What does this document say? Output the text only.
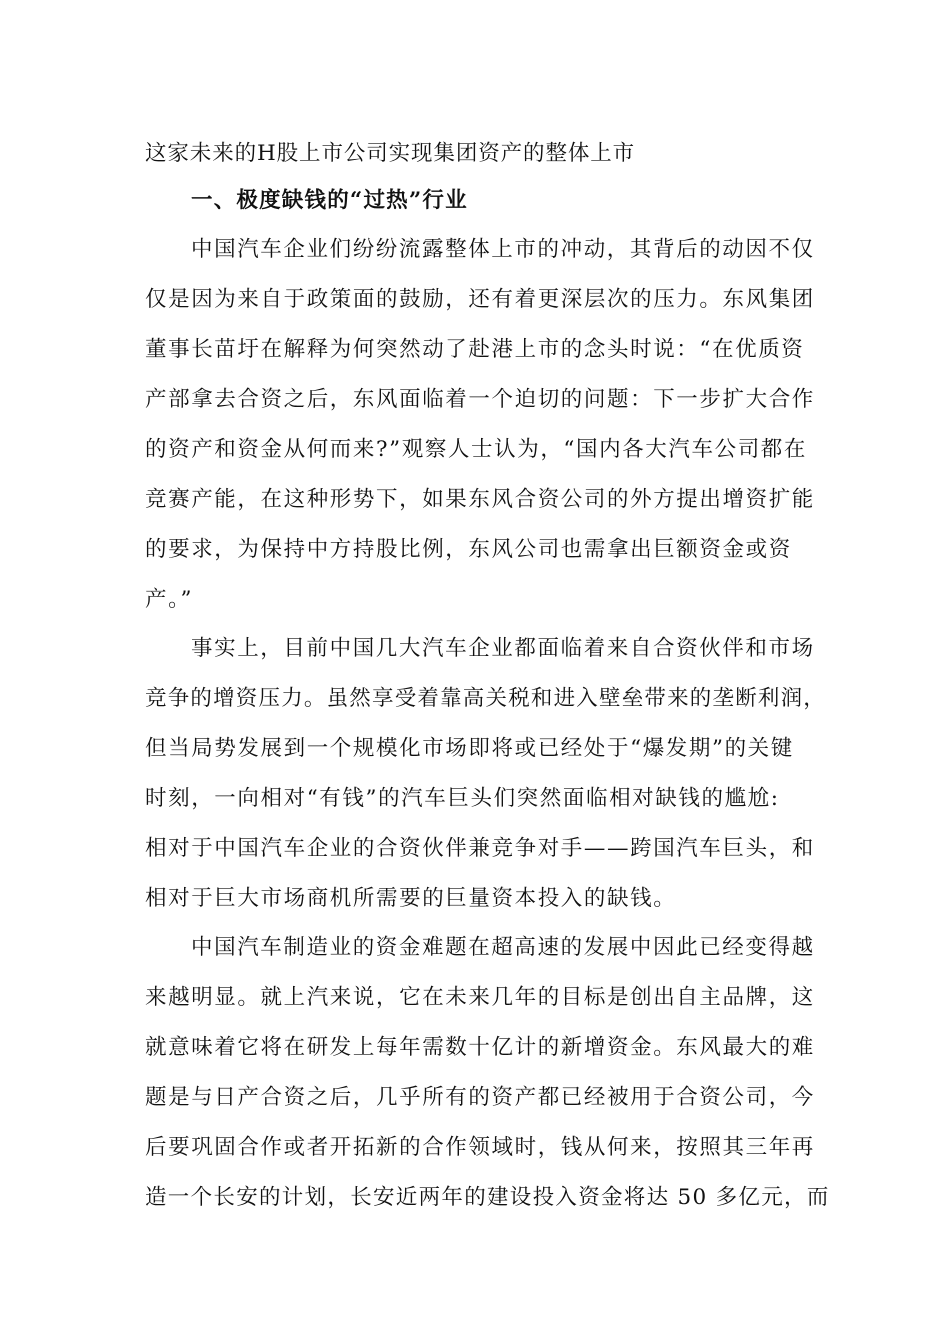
这家未来的H股上市公司实现集团资产的整体上市
一、极度缺钱的“过热”行业
中国汽车企业们纷纷流露整体上市的冲动，其背后的动因不仅
仅是因为来自于政策面的鼓励，还有着更深层次的压力。东风集团
董事长苗圩在解释为何突然动了赴港上市的念头时说：“在优质资
产部拿去合资之后，东风面临着一个迫切的问题：下一步扩大合作
的资产和资金从何而来?”观察人士认为，“国内各大汽车公司都在
竞赛产能，在这种形势下，如果东风合资公司的外方提出增资扩能
的要求，为保持中方持股比例，东风公司也需拿出巨额资金或资
产。”
事实上，目前中国几大汽车企业都面临着来自合资伙伴和市场
竞争的增资压力。虽然享受着靠高关税和进入壁垒带来的垄断利润，
但当局势发展到一个规模化市场即将或已经处于“爆发期”的关键
时刻，一向相对“有钱”的汽车巨头们突然面临相对缺钱的尴尬:
相对于中国汽车企业的合资伙伴兼竞争对手——跨国汽车巨头，和
相对于巨大市场商机所需要的巨量资本投入的缺钱。
中国汽车制造业的资金难题在超高速的发展中因此已经变得越
来越明显。就上汽来说，它在未来几年的目标是创出自主品牌，这
就意味着它将在研发上每年需数十亿计的新增资金。东风最大的难
题是与日产合资之后，几乎所有的资产都已经被用于合资公司，今
后要巩固合作或者开拓新的合作领域时，钱从何来，按照其三年再
造一个长安的计划，长安近两年的建设投入资金将达 50 多亿元，而
